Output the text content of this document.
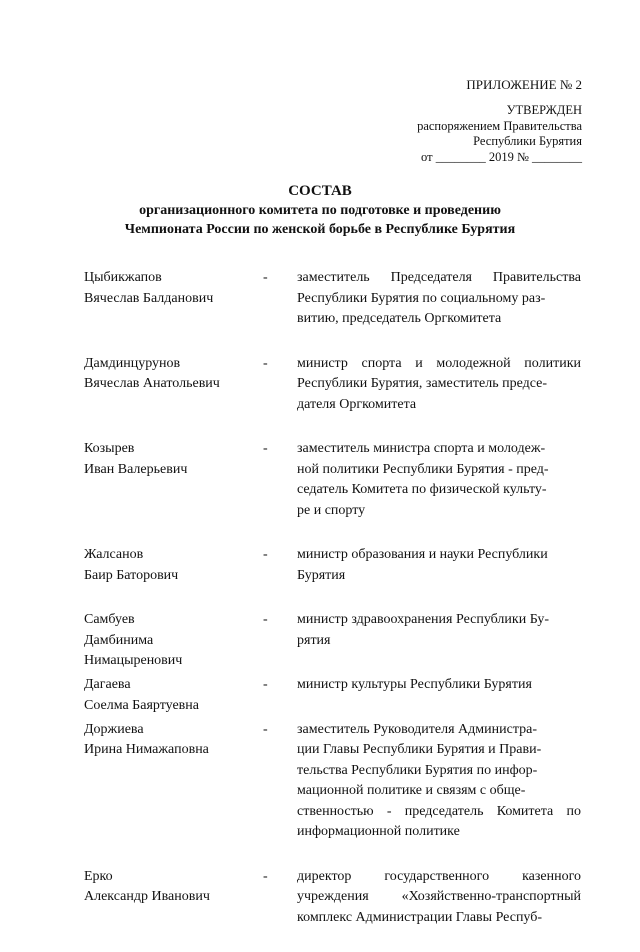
ПРИЛОЖЕНИЕ № 2
УТВЕРЖДЕН
распоряжением Правительства
Республики Бурятия
от ________ 2019 № ________
СОСТАВ
организационного комитета по подготовке и проведению
Чемпионата России по женской борьбе в Республике Бурятия
Цыбикжапов
Вячеслав Балданович
- заместитель Председателя Правительства Республики Бурятия по социальному раз-
витию, председатель Оргкомитета
Дамдинцурунов
Вячеслав Анатольевич
- министр спорта и молодежной политики Республики Бурятия, заместитель предсе-
дателя Оргкомитета
Козырев
Иван Валерьевич
- заместитель министра спорта и молодеж-
ной политики Республики Бурятия - пред-
седатель Комитета по физической культу-
ре и спорту
Жалсанов
Баир Баторович
- министр образования и науки Республики
Бурятия
Самбуев
Дамбинима
Нимацыренович
- министр здравоохранения Республики Бу-
рятия
Дагаева
Соелма Баяртуевна
- министр культуры Республики Бурятия
Доржиева
Ирина Нимажаповна
- заместитель Руководителя Администра-
ции Главы Республики Бурятия и Прави-
тельства Республики Бурятия по инфор-
мационной политике и связям с обще-
ственностью - председатель Комитета по информационной политике
Ерко
Александр Иванович
- директор государственного казенного учреждения «Хозяйственно-транспортный комплекс Администрации Главы Респуб-
